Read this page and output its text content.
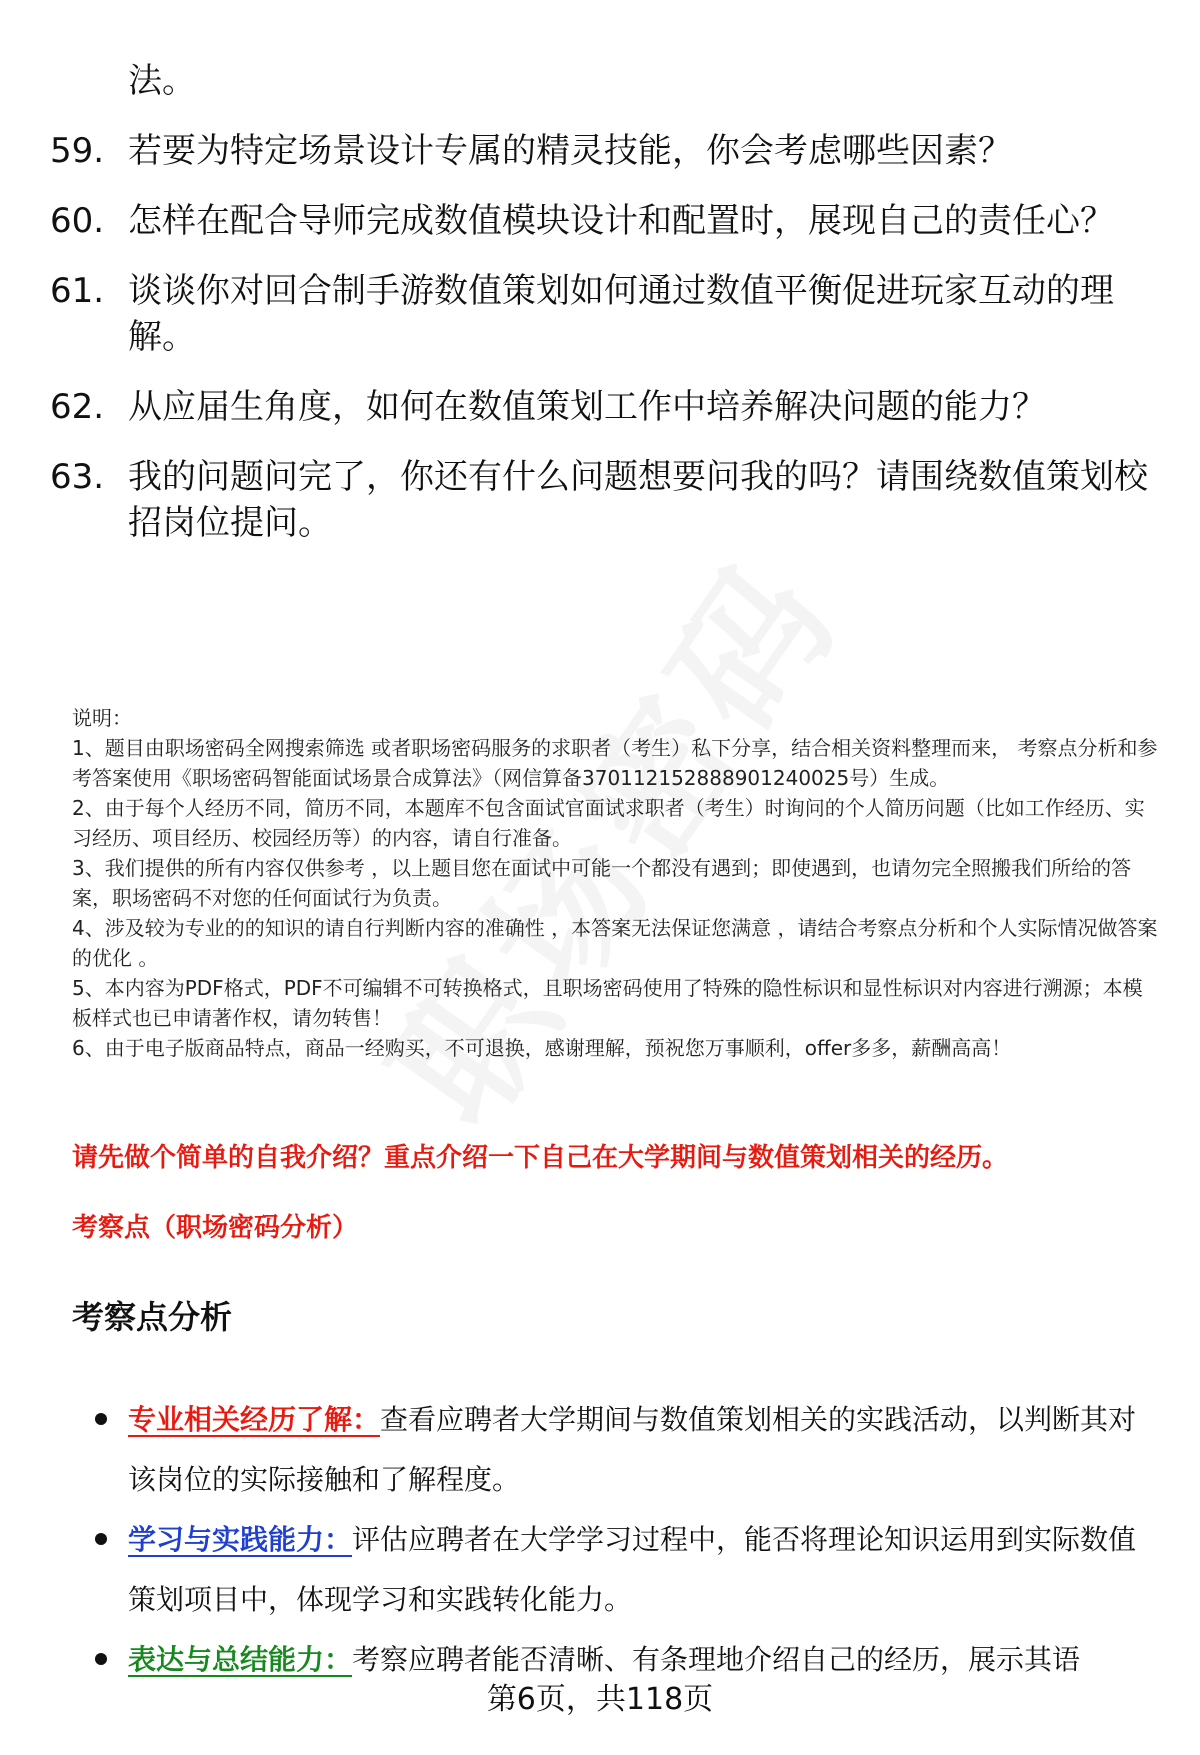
法。
59. 若要为特定场景设计专属的精灵技能，你会考虑哪些因素？
60. 怎样在配合导师完成数值模块设计和配置时，展现自己的责任心？
61. 谈谈你对回合制手游数值策划如何通过数值平衡促进玩家互动的理解。
62. 从应届生角度，如何在数值策划工作中培养解决问题的能力？
63. 我的问题问完了，你还有什么问题想要问我的吗？请围绕数值策划校招岗位提问。

说明：

1、题目由职场密码全网搜索筛选 或者职场密码服务的求职者（考生）私下分享，结合相关资料整理而来， 考察点分析和参考答案使用《职场密码智能面试场景合成算法》（网信算备370112152888901240025号）生成。

2、由于每个人经历不同，简历不同，本题库不包含面试官面试求职者（考生）时询问的个人简历问题（比如工作经历、实习经历、项目经历、校园经历等）的内容，请自行准备。

3、我们提供的所有内容仅供参考 ，以上题目您在面试中可能一个都没有遇到；即使遇到，也请勿完全照搬我们所给的答案，职场密码不对您的任何面试行为负责。

4、涉及较为专业的的知识的请自行判断内容的准确性 ，本答案无法保证您满意 ，请结合考察点分析和个人实际情况做答案的优化 。

5、本内容为PDF格式，PDF不可编辑不可转换格式，且职场密码使用了特殊的隐性标识和显性标识对内容进行溯源；本模板样式也已申请著作权，请勿转售！

6、由于电子版商品特点，商品一经购买，不可退换，感谢理解，预祝您万事顺利，offer多多，薪酬高高！

请先做个简单的自我介绍？重点介绍一下自己在大学期间与数值策划相关的经历。
考察点（职场密码分析）
考察点分析
专业相关经历了解：查看应聘者大学期间与数值策划相关的实践活动，以判断其对该岗位的实际接触和了解程度。
学习与实践能力：评估应聘者在大学学习过程中，能否将理论知识运用到实际数值策划项目中，体现学习和实践转化能力。
表达与总结能力：考察应聘者能否清晰、有条理地介绍自己的经历，展示其语
第6页，共118页
